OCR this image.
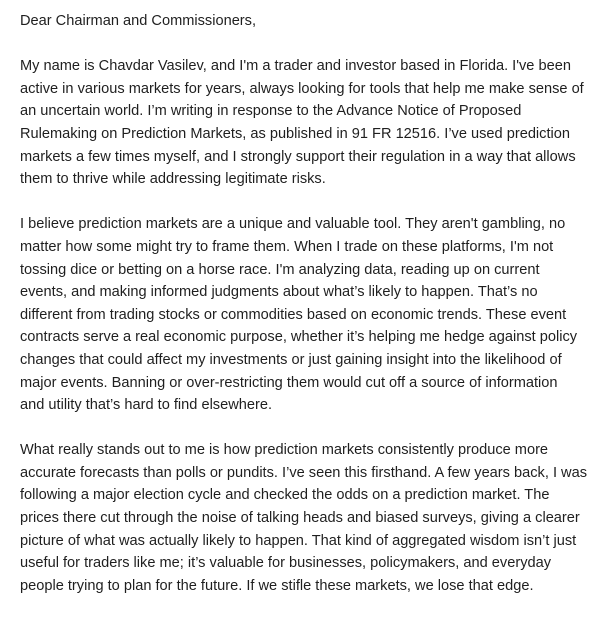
Dear Chairman and Commissioners,

My name is Chavdar Vasilev, and I'm a trader and investor based in Florida. I've been
active in various markets for years, always looking for tools that help me make sense of
an uncertain world. I’m writing in response to the Advance Notice of Proposed
Rulemaking on Prediction Markets, as published in 91 FR 12516. I’ve used prediction
markets a few times myself, and I strongly support their regulation in a way that allows
them to thrive while addressing legitimate risks.

I believe prediction markets are a unique and valuable tool. They aren't gambling, no
matter how some might try to frame them. When I trade on these platforms, I'm not
tossing dice or betting on a horse race. I'm analyzing data, reading up on current
events, and making informed judgments about what’s likely to happen. That’s no
different from trading stocks or commodities based on economic trends. These event
contracts serve a real economic purpose, whether it’s helping me hedge against policy
changes that could affect my investments or just gaining insight into the likelihood of
major events. Banning or over-restricting them would cut off a source of information
and utility that’s hard to find elsewhere.

What really stands out to me is how prediction markets consistently produce more
accurate forecasts than polls or pundits. I’ve seen this firsthand. A few years back, I was
following a major election cycle and checked the odds on a prediction market. The
prices there cut through the noise of talking heads and biased surveys, giving a clearer
picture of what was actually likely to happen. That kind of aggregated wisdom isn’t just
useful for traders like me; it’s valuable for businesses, policymakers, and everyday
people trying to plan for the future. If we stifle these markets, we lose that edge.
